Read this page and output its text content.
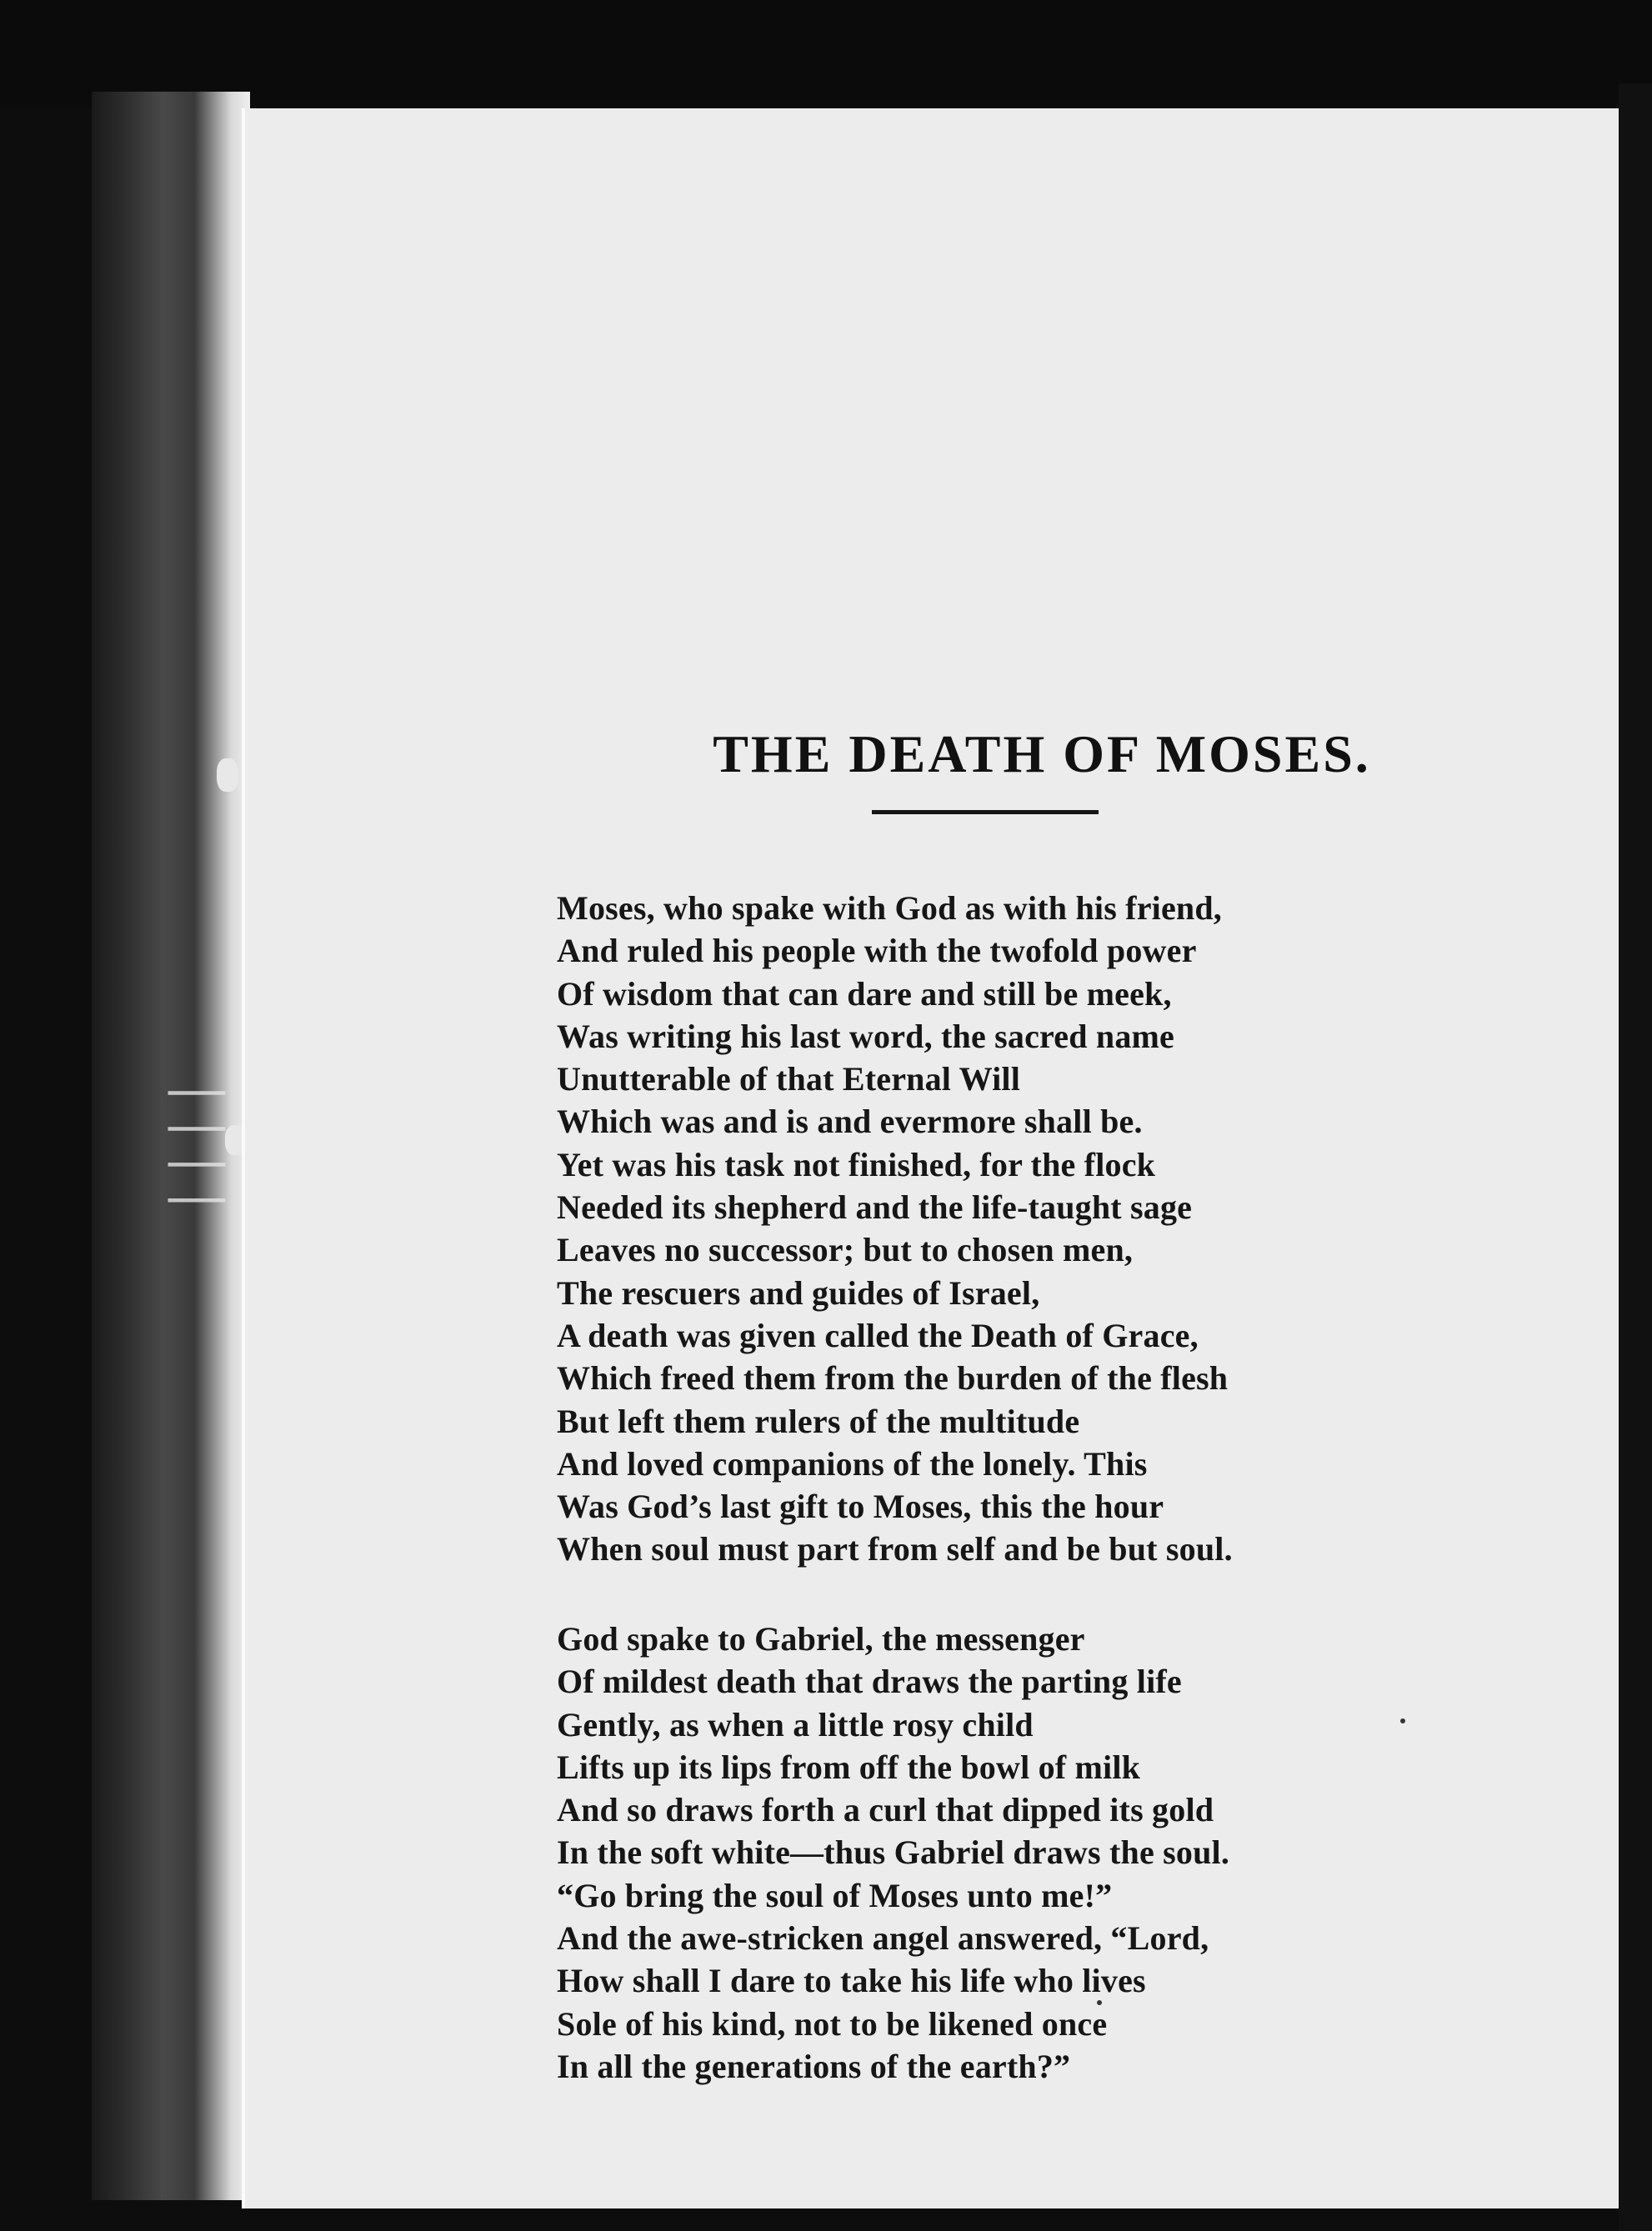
││││
THE DEATH OF MOSES.
Moses, who spake with God as with his friend,
And ruled his people with the twofold power
Of wisdom that can dare and still be meek,
Was writing his last word, the sacred name
Unutterable of that Eternal Will
Which was and is and evermore shall be.
Yet was his task not finished, for the flock
Needed its shepherd and the life-taught sage
Leaves no successor; but to chosen men,
The rescuers and guides of Israel,
A death was given called the Death of Grace,
Which freed them from the burden of the flesh
But left them rulers of the multitude
And loved companions of the lonely. This
Was God’s last gift to Moses, this the hour
When soul must part from self and be but soul.
God spake to Gabriel, the messenger
Of mildest death that draws the parting life
Gently, as when a little rosy child
Lifts up its lips from off the bowl of milk
And so draws forth a curl that dipped its gold
In the soft white—thus Gabriel draws the soul.
“Go bring the soul of Moses unto me!”
And the awe-stricken angel answered, “Lord,
How shall I dare to take his life who lives
Sole of his kind, not to be likened once
In all the generations of the earth?”
